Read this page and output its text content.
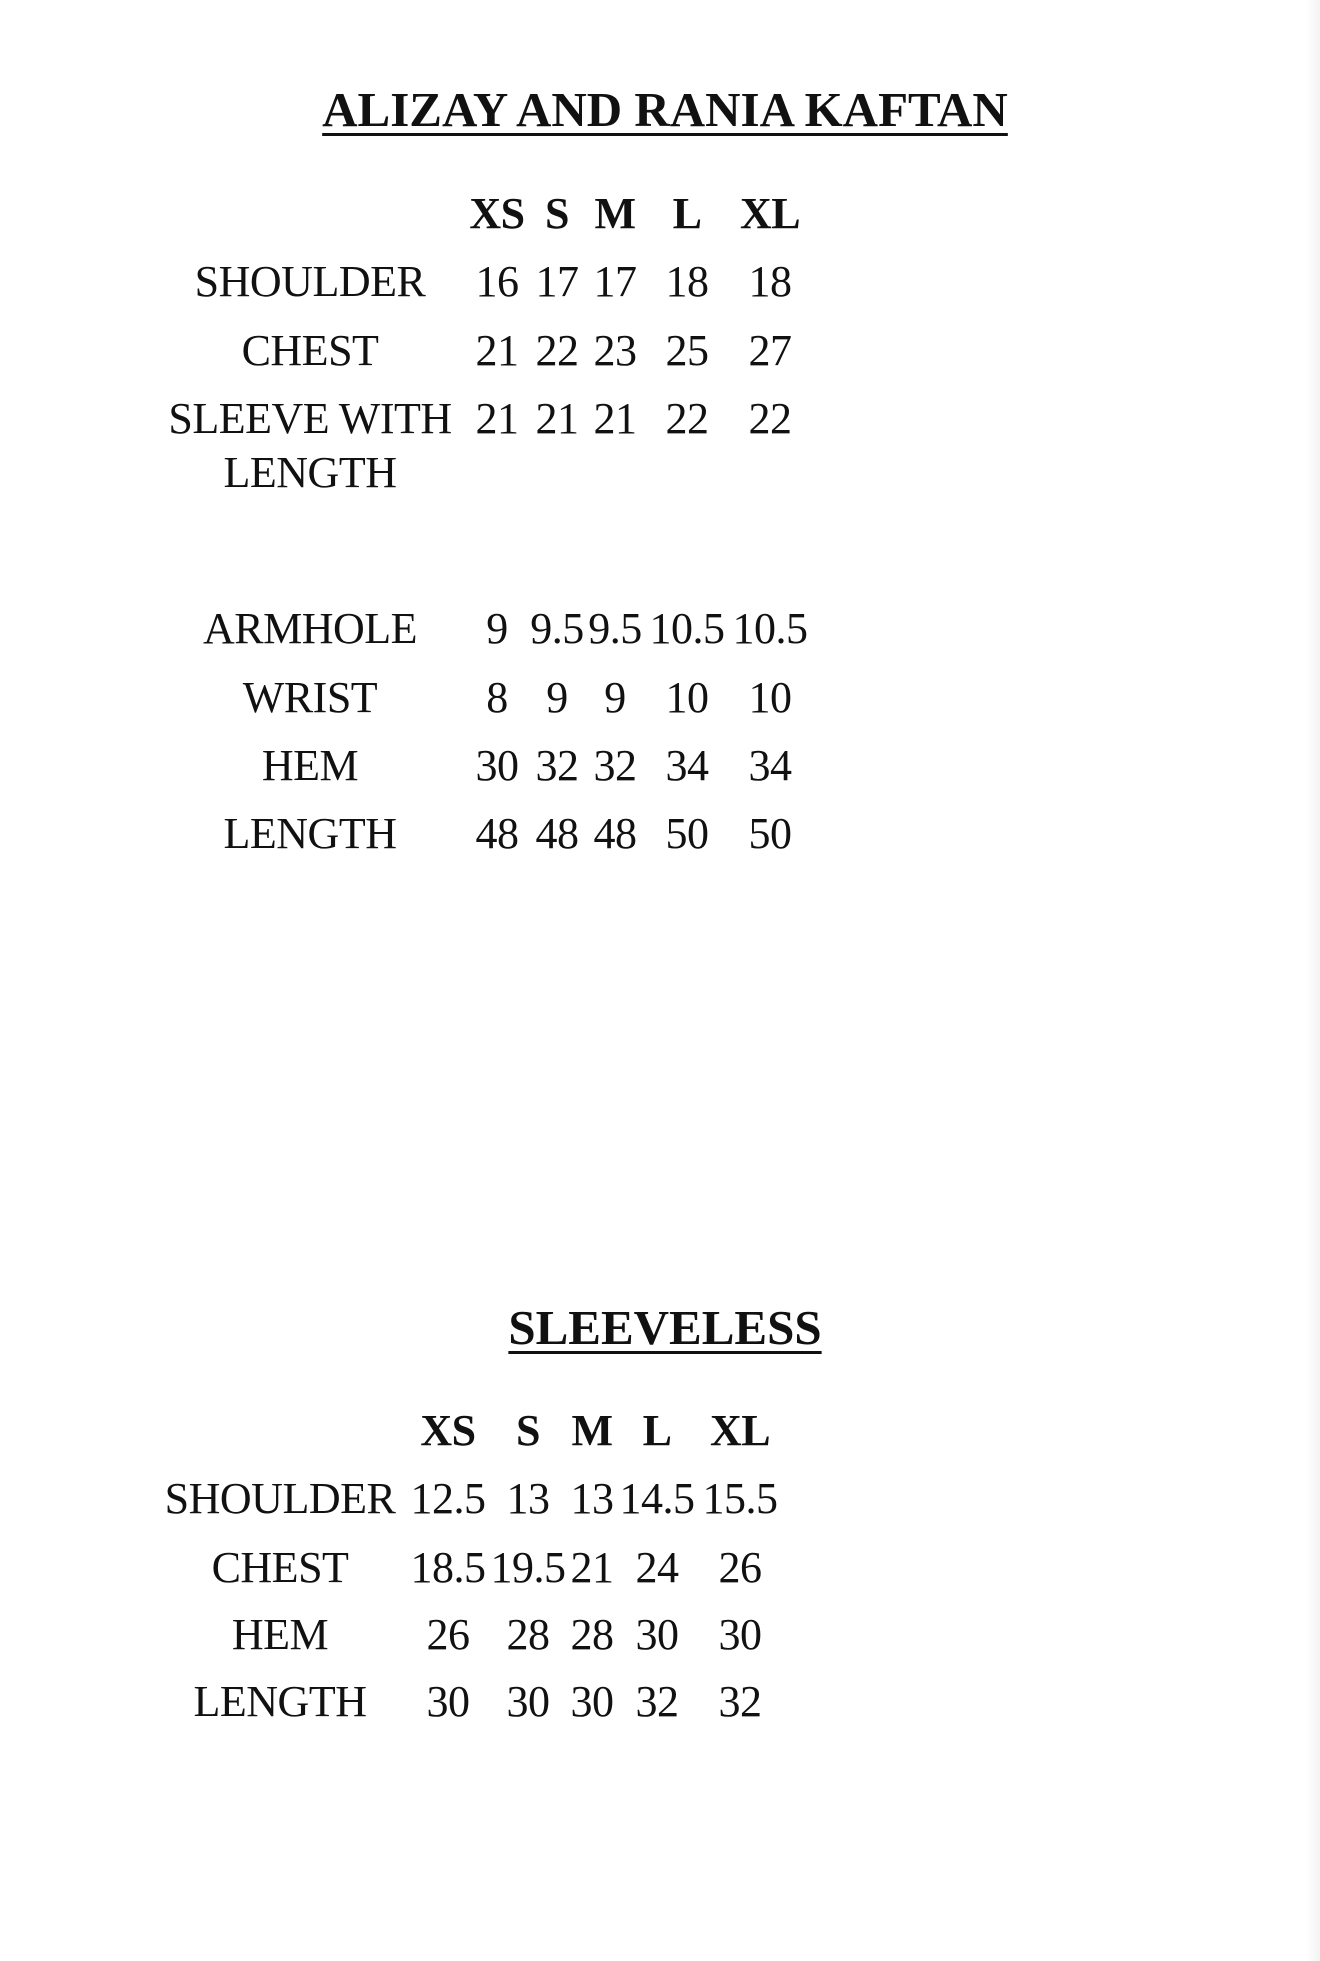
ALIZAY AND RANIA KAFTAN
XS S M L XL
SHOULDER	16 17 17 18 18
CHEST	21 22 23 25 27
SLEEVE WITH
LENGTH
21 21 21 22 22
ARMHOLE	9 9.5 9.5 10.5 10.5
WRIST	8 9 9 10 10
HEM	30 32 32 34 34
LENGTH	48 48 48 50 50
SLEEVELESS
XS S M L XL
SHOULDER 12.5 13 13 14.5 15.5
CHEST	18.5 19.5 21 24 26
HEM	26 28 28 30 30
LENGTH	30 30 30 32 32
